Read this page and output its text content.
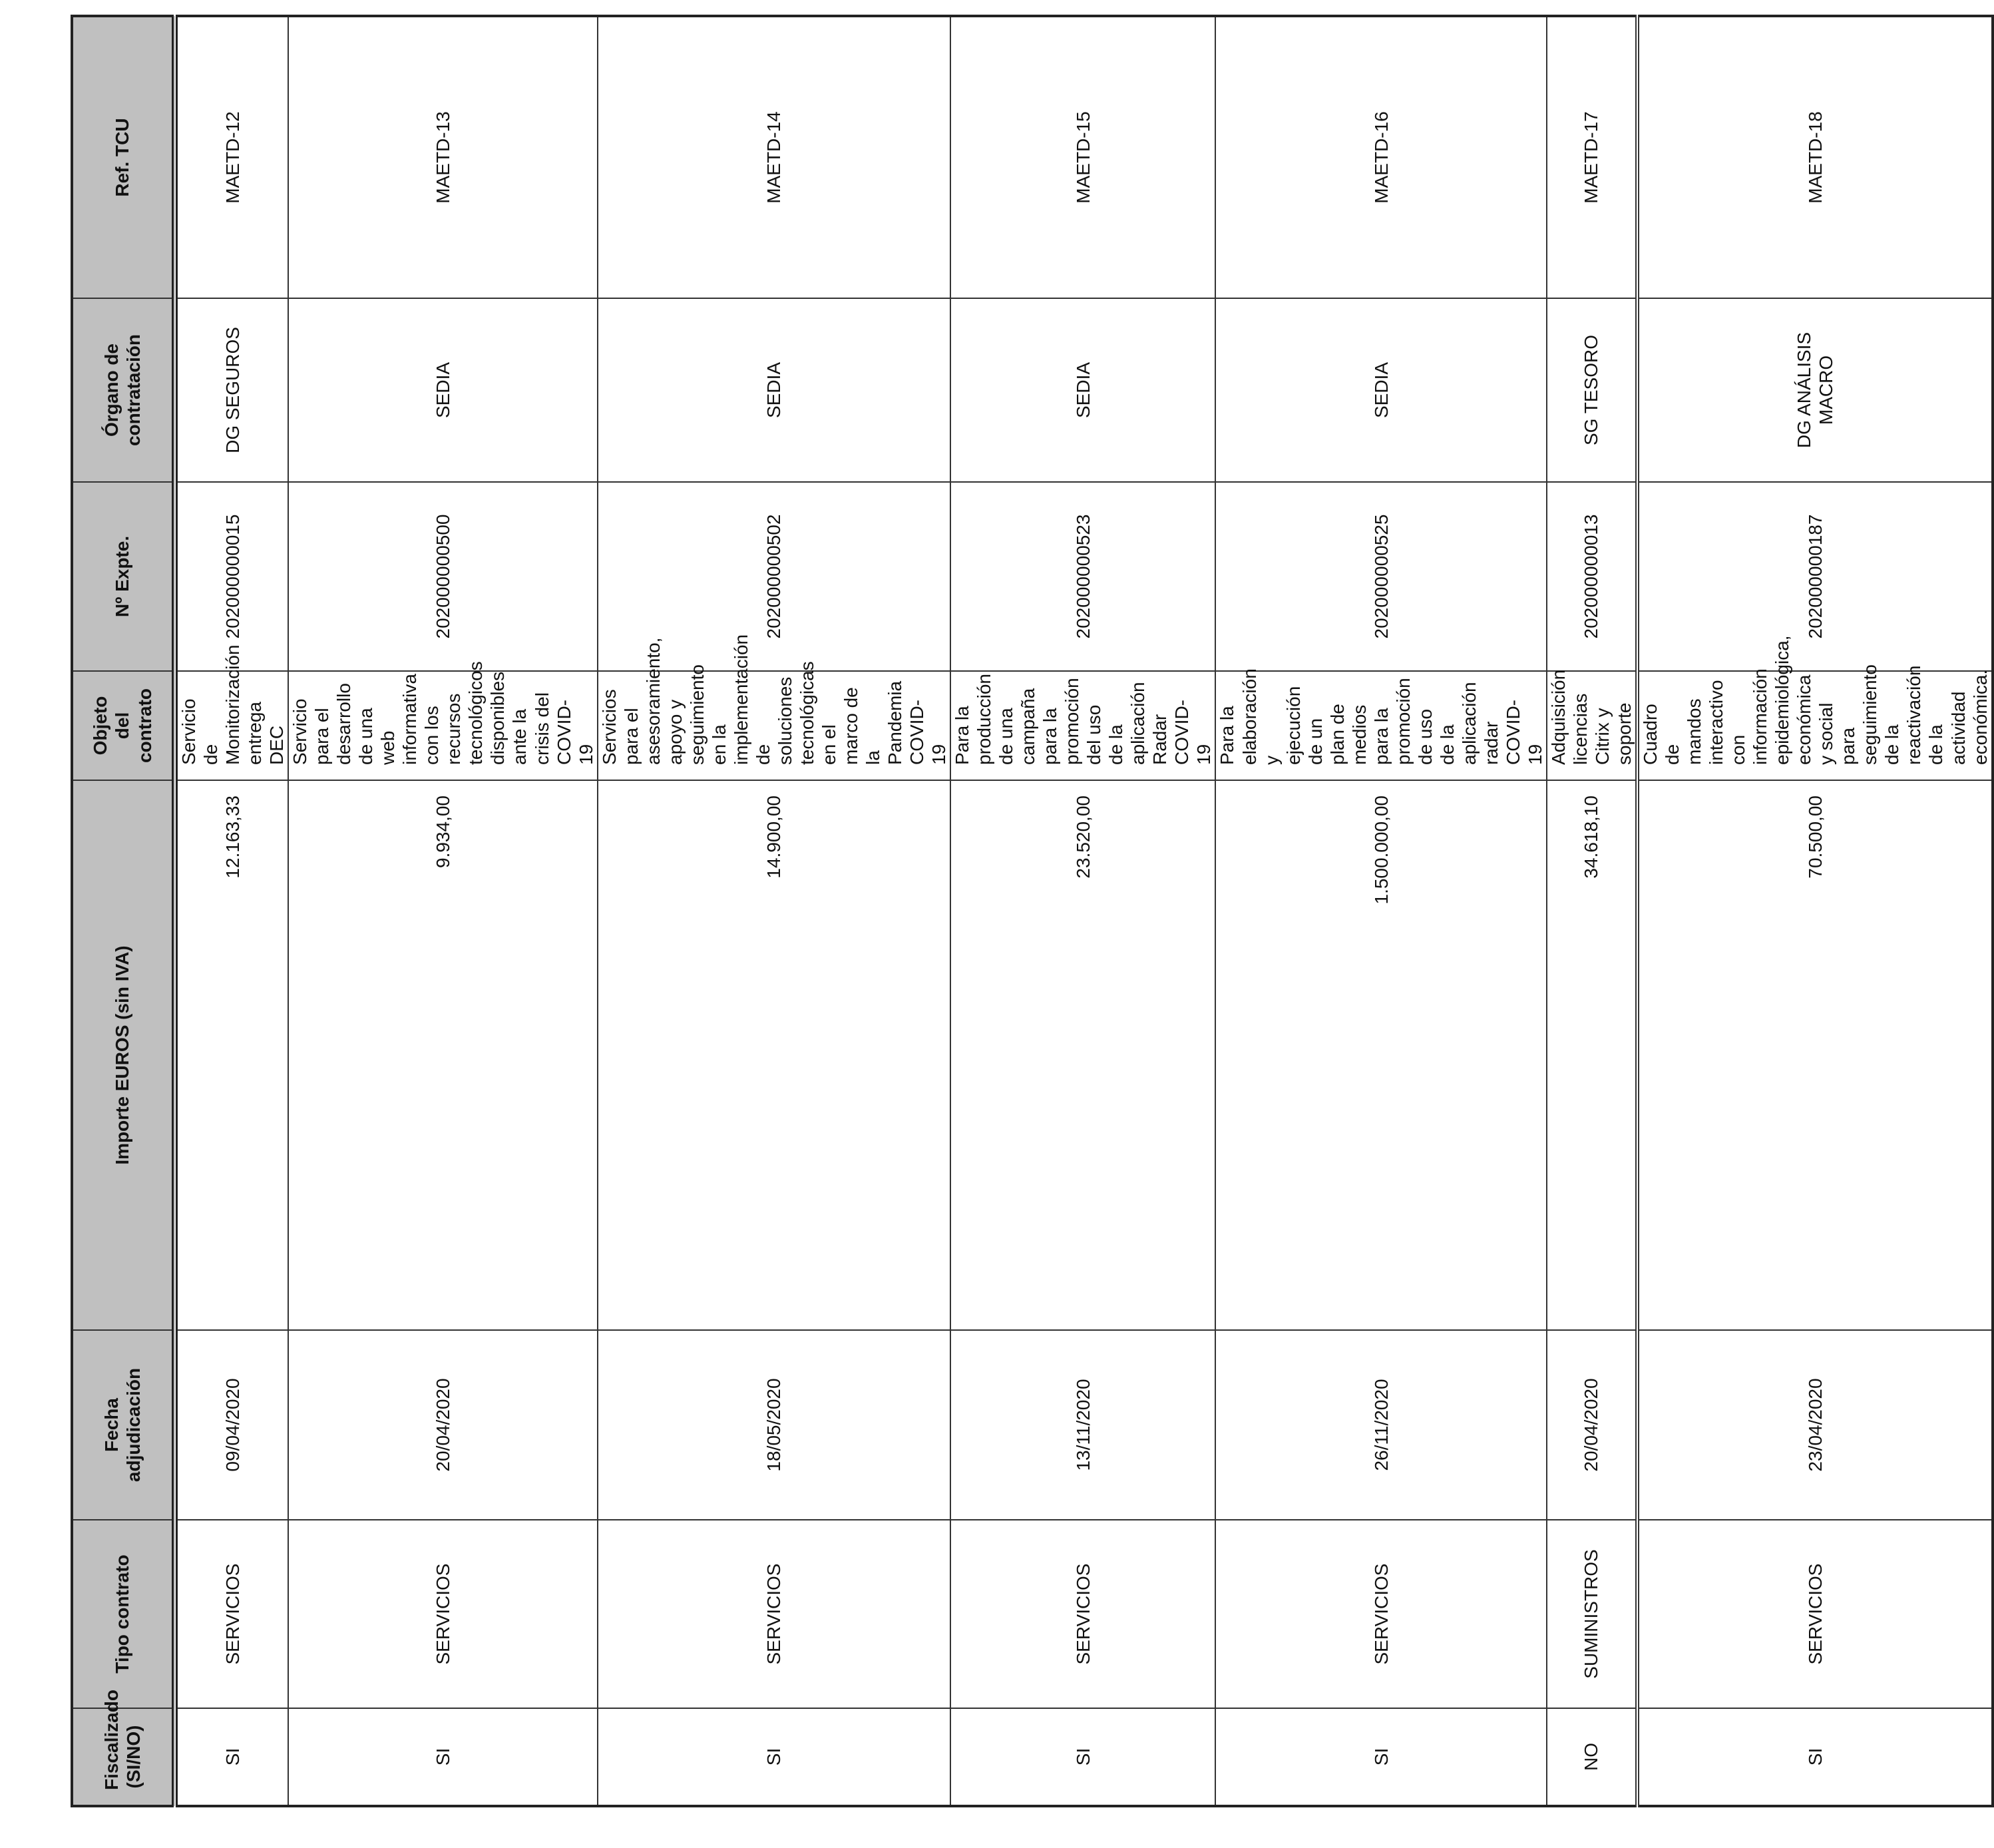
Fiscalizado (SI/NO)	Tipo contrato	Fecha adjudicación	Importe EUROS (sin IVA)	Objeto del contrato	Nº Expte.	Órgano de contratación	Ref. TCU
SI	SERVICIOS	09/04/2020	12.163,33	Servicio de Monitorización entrega DEC	202000000015	DG SEGUROS	MAETD-12
SI	SERVICIOS	20/04/2020	9.934,00	Servicio para el desarrollo de una web informativa con los recursos tecnológicos disponibles ante la crisis del COVID-19	202000000500	SEDIA	MAETD-13
SI	SERVICIOS	18/05/2020	14.900,00	Servicios para el asesoramiento, apoyo y seguimiento en la implementación de soluciones tecnológicas en el marco de la Pandemia COVID-19	202000000502	SEDIA	MAETD-14
SI	SERVICIOS	13/11/2020	23.520,00	Para la producción de una campaña para la promoción del uso de la aplicación Radar COVID-19	202000000523	SEDIA	MAETD-15
SI	SERVICIOS	26/11/2020	1.500.000,00	Para la elaboración y ejecución de un plan de medios para la promoción de uso de la aplicación radar COVID-19	202000000525	SEDIA	MAETD-16
NO	SUMINISTROS	20/04/2020	34.618,10	Adquisición licencias Citrix y soporte	202000000013	SG TESORO	MAETD-17
SI	SERVICIOS	23/04/2020	70.500,00	Cuadro de mandos interactivo con información epidemiológica, económica y social para seguimiento de la reactivación de la actividad económica.	202000000187	DG ANÁLISIS MACRO	MAETD-18
